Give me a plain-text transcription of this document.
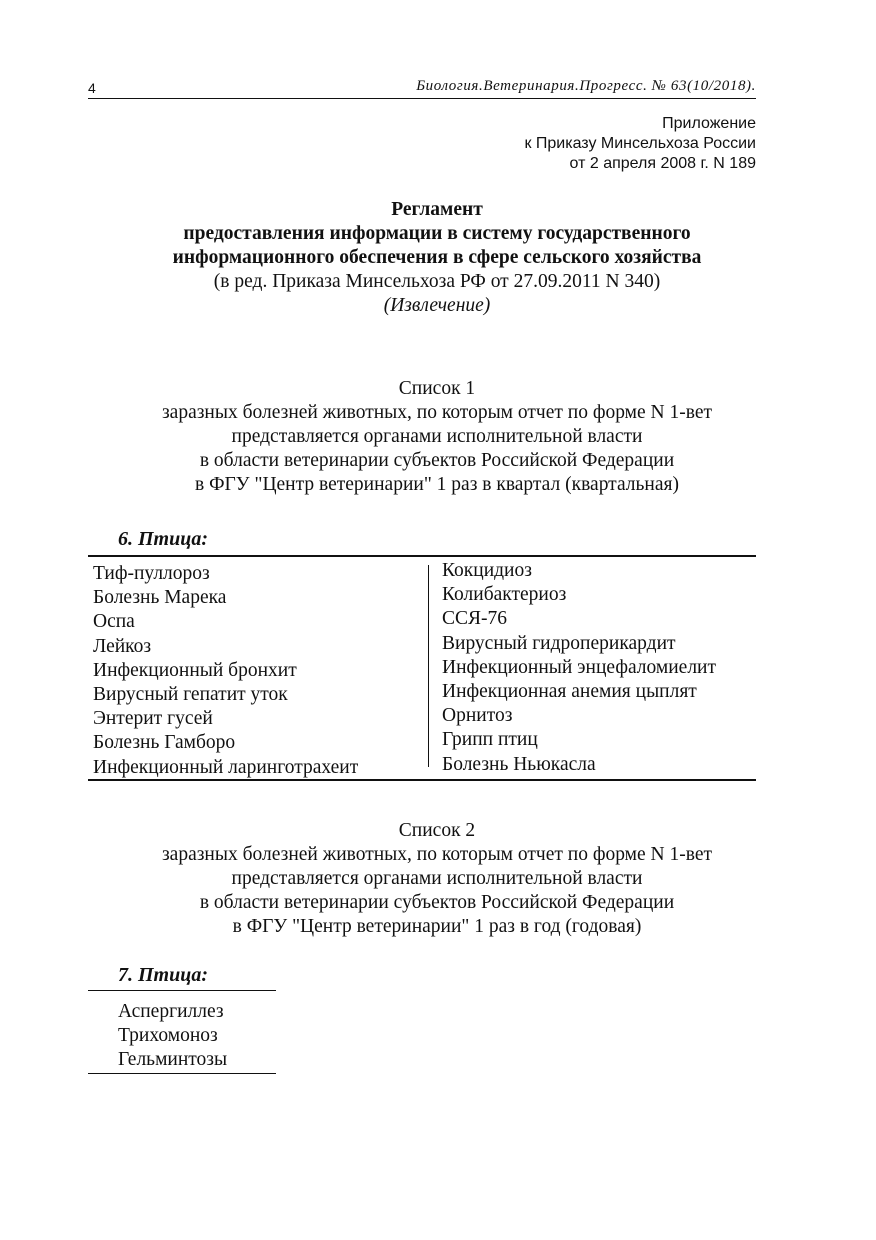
4	Биология.Ветеринария.Прогресс. № 63(10/2018).
Приложение
к Приказу Минсельхоза России
от 2 апреля 2008 г. N 189
Регламент
предоставления информации в систему государственного
информационного обеспечения в сфере сельского хозяйства
(в ред. Приказа Минсельхоза РФ от 27.09.2011 N 340)
(Извлечение)
Список 1
заразных болезней животных, по которым отчет по форме N 1-вет
представляется органами исполнительной власти
в области ветеринарии субъектов Российской Федерации
в ФГУ "Центр ветеринарии" 1 раз в квартал (квартальная)
6. Птица:
Тиф-пуллороз
Болезнь Марека
Оспа
Лейкоз
Инфекционный бронхит
Вирусный гепатит уток
Энтерит гусей
Болезнь Гамборо
Инфекционный ларинготрахеит
Кокцидиоз
Колибактериоз
ССЯ-76
Вирусный гидроперикардит
Инфекционный энцефаломиелит
Инфекционная анемия цыплят
Орнитоз
Грипп птиц
Болезнь Ньюкасла
Список 2
заразных болезней животных, по которым отчет по форме N 1-вет
представляется органами исполнительной власти
в области ветеринарии субъектов Российской Федерации
в ФГУ "Центр ветеринарии" 1 раз в год (годовая)
7. Птица:
Аспергиллез
Трихомоноз
Гельминтозы
